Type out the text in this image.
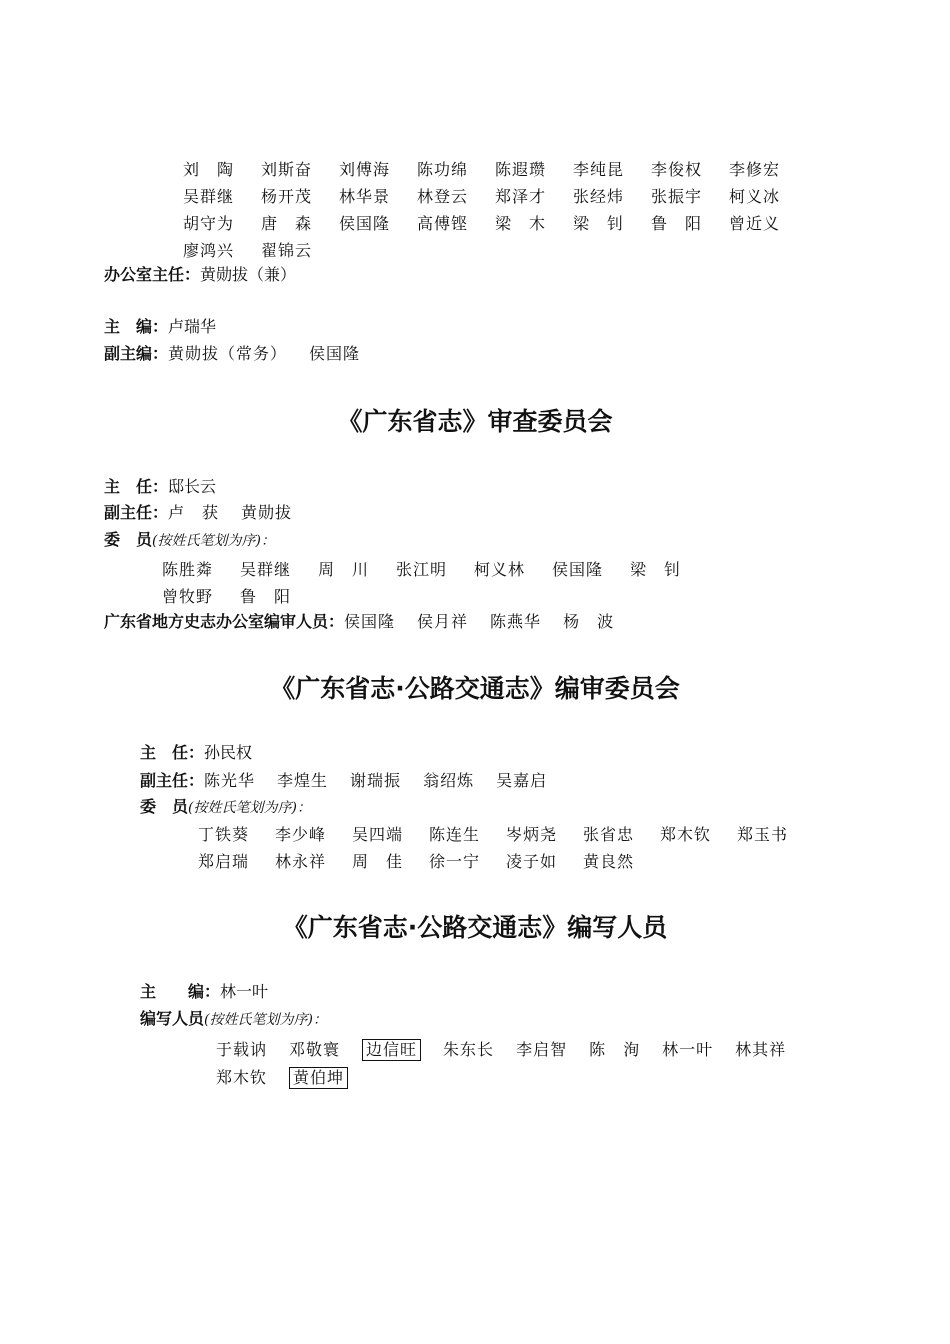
刘　陶	刘斯奋	刘傅海	陈功绵	陈遐瓒	李纯昆	李俊权	李修宏
吴群继	杨开茂	林华景	林登云	郑泽才	张经炜	张振宇	柯义冰
胡守为	唐　森	侯国隆	高傅铿	梁　木	梁　钊	鲁　阳	曾近义
廖鸿兴	翟锦云
办公室主任：黄勋拔（兼）
主　编：卢瑞华
副主编：黄勋拔（常务） 侯国隆
《广东省志》审查委员会
主　任：邸长云
副主任：卢　获 黄勋拔
委　员(按姓氏笔划为序)：
陈胜粦	吴群继	周　川	张江明	柯义林	侯国隆	梁　钊
曾牧野	鲁　阳
广东省地方史志办公室编审人员：侯国隆 侯月祥 陈燕华 杨　波
《广东省志·公路交通志》编审委员会
主　任：孙民权
副主任：陈光华 李煌生 谢瑞振 翁绍炼 吴嘉启
委　员(按姓氏笔划为序)：
丁铁葵	李少峰	吴四端	陈连生	岑炳尧	张省忠	郑木钦	郑玉书
郑启瑞	林永祥	周　佳	徐一宁	凌子如	黄良然
《广东省志·公路交通志》编写人员
主　　编：林一叶
编写人员(按姓氏笔划为序)：
于载讷 邓敬寰 边信旺 朱东长 李启智 陈　洵 林一叶 林其祥
郑木钦 黄伯坤
